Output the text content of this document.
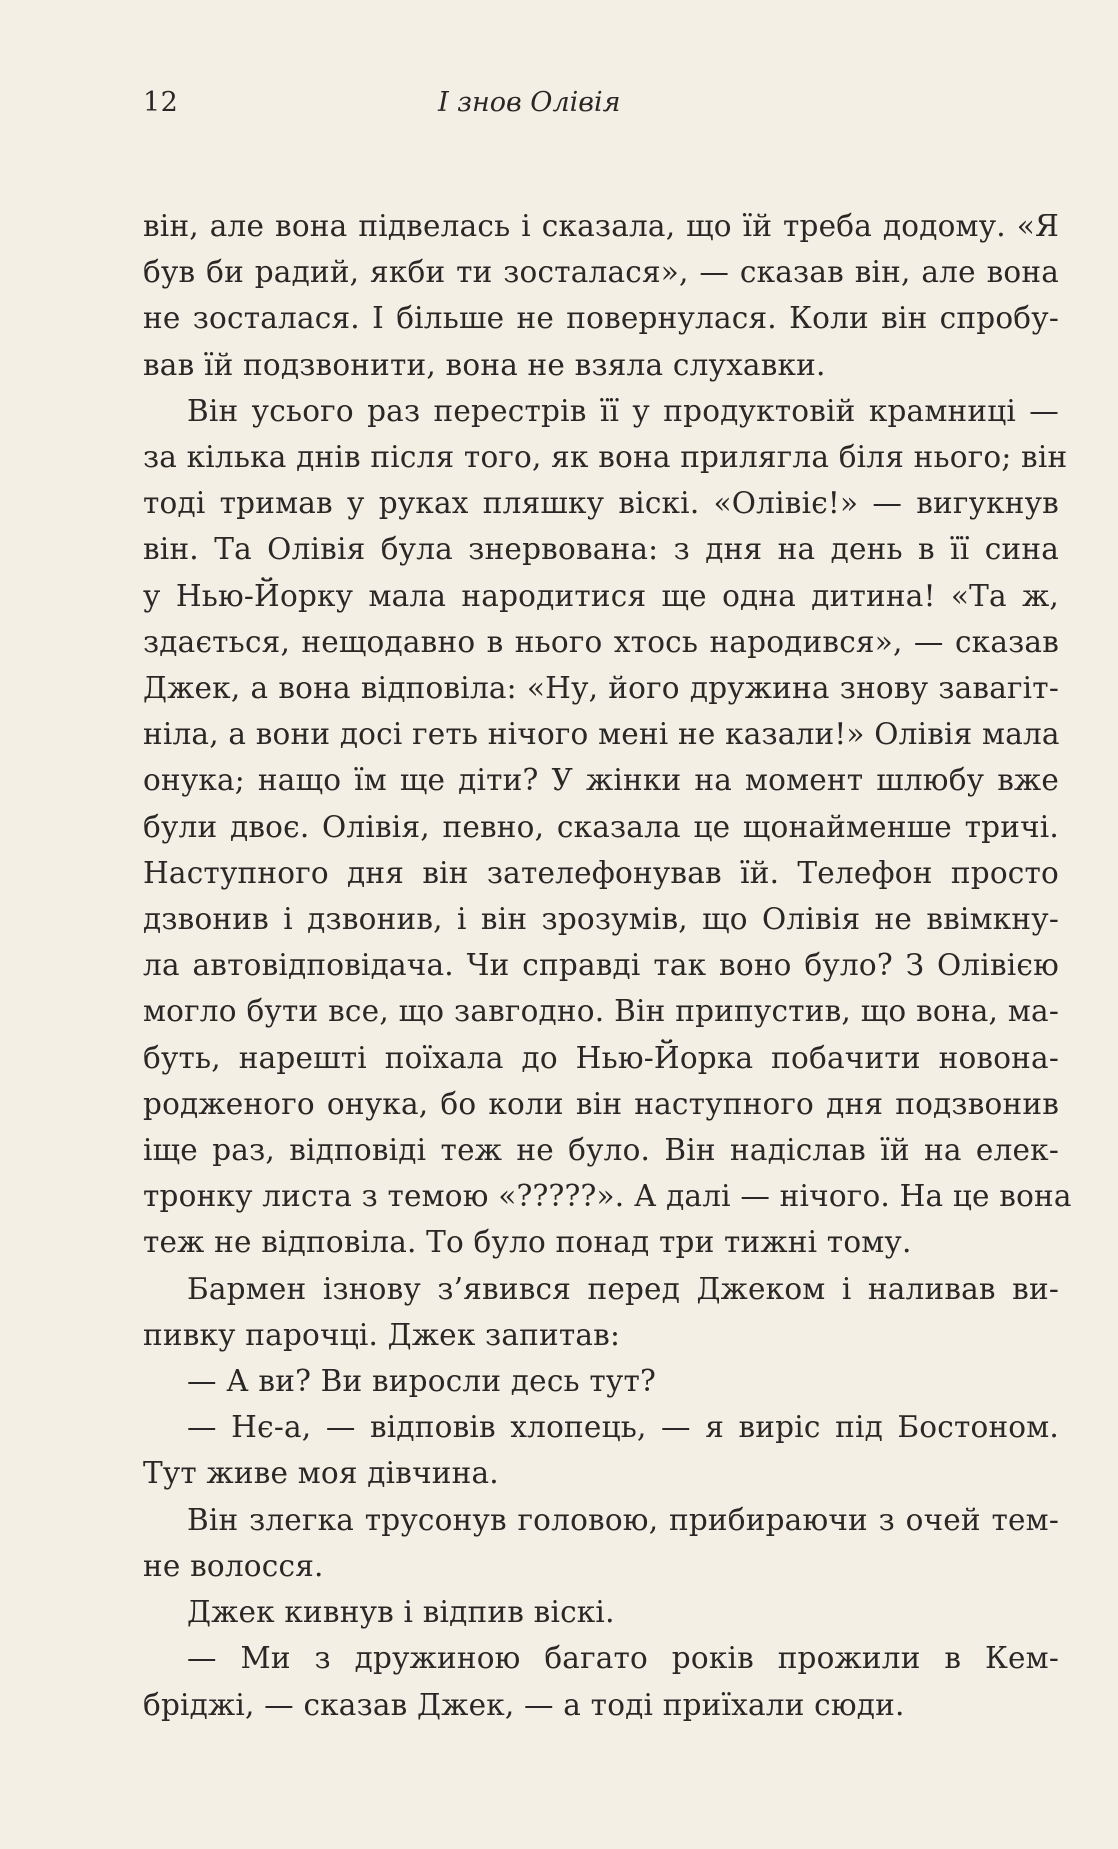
12	І знов Олівія
він, але вона підвелась і сказала, що їй треба додому. «Я
був би радий, якби ти зосталася», — сказав він, але вона
не зосталася. І більше не повернулася. Коли він спробу-
вав їй подзвонити, вона не взяла слухавки.
Він усього раз перестрів її у продуктовій крамниці —
за кілька днів після того, як вона прилягла біля нього; він
тоді тримав у руках пляшку віскі. «Олівіє!» — вигукнув
він. Та Олівія була знервована: з дня на день в її сина
у Нью-Йорку мала народитися ще одна дитина! «Та ж,
здається, нещодавно в нього хтось народився», — сказав
Джек, а вона відповіла: «Ну, його дружина знову завагіт-
ніла, а вони досі геть нічого мені не казали!» Олівія мала
онука; нащо їм ще діти? У жінки на момент шлюбу вже
були двоє. Олівія, певно, сказала це щонайменше тричі.
Наступного дня він зателефонував їй. Телефон просто
дзвонив і дзвонив, і він зрозумів, що Олівія не ввімкну-
ла автовідповідача. Чи справді так воно було? З Олівією
могло бути все, що завгодно. Він припустив, що вона, ма-
буть, нарешті поїхала до Нью-Йорка побачити новона-
родженого онука, бо коли він наступного дня подзвонив
іще раз, відповіді теж не було. Він надіслав їй на елек-
тронку листа з темою «?????». А далі — нічого. На це вона
теж не відповіла. То було понад три тижні тому.
Бармен ізнову з’явився перед Джеком і наливав ви-
пивку парочці. Джек запитав:
— А ви? Ви виросли десь тут?
— Нє-а, — відповів хлопець, — я виріс під Бостоном.
Тут живе моя дівчина.
Він злегка трусонув головою, прибираючи з очей тем-
не волосся.
Джек кивнув і відпив віскі.
— Ми з дружиною багато років прожили в Кем-
бріджі, — сказав Джек, — а тоді приїхали сюди.
